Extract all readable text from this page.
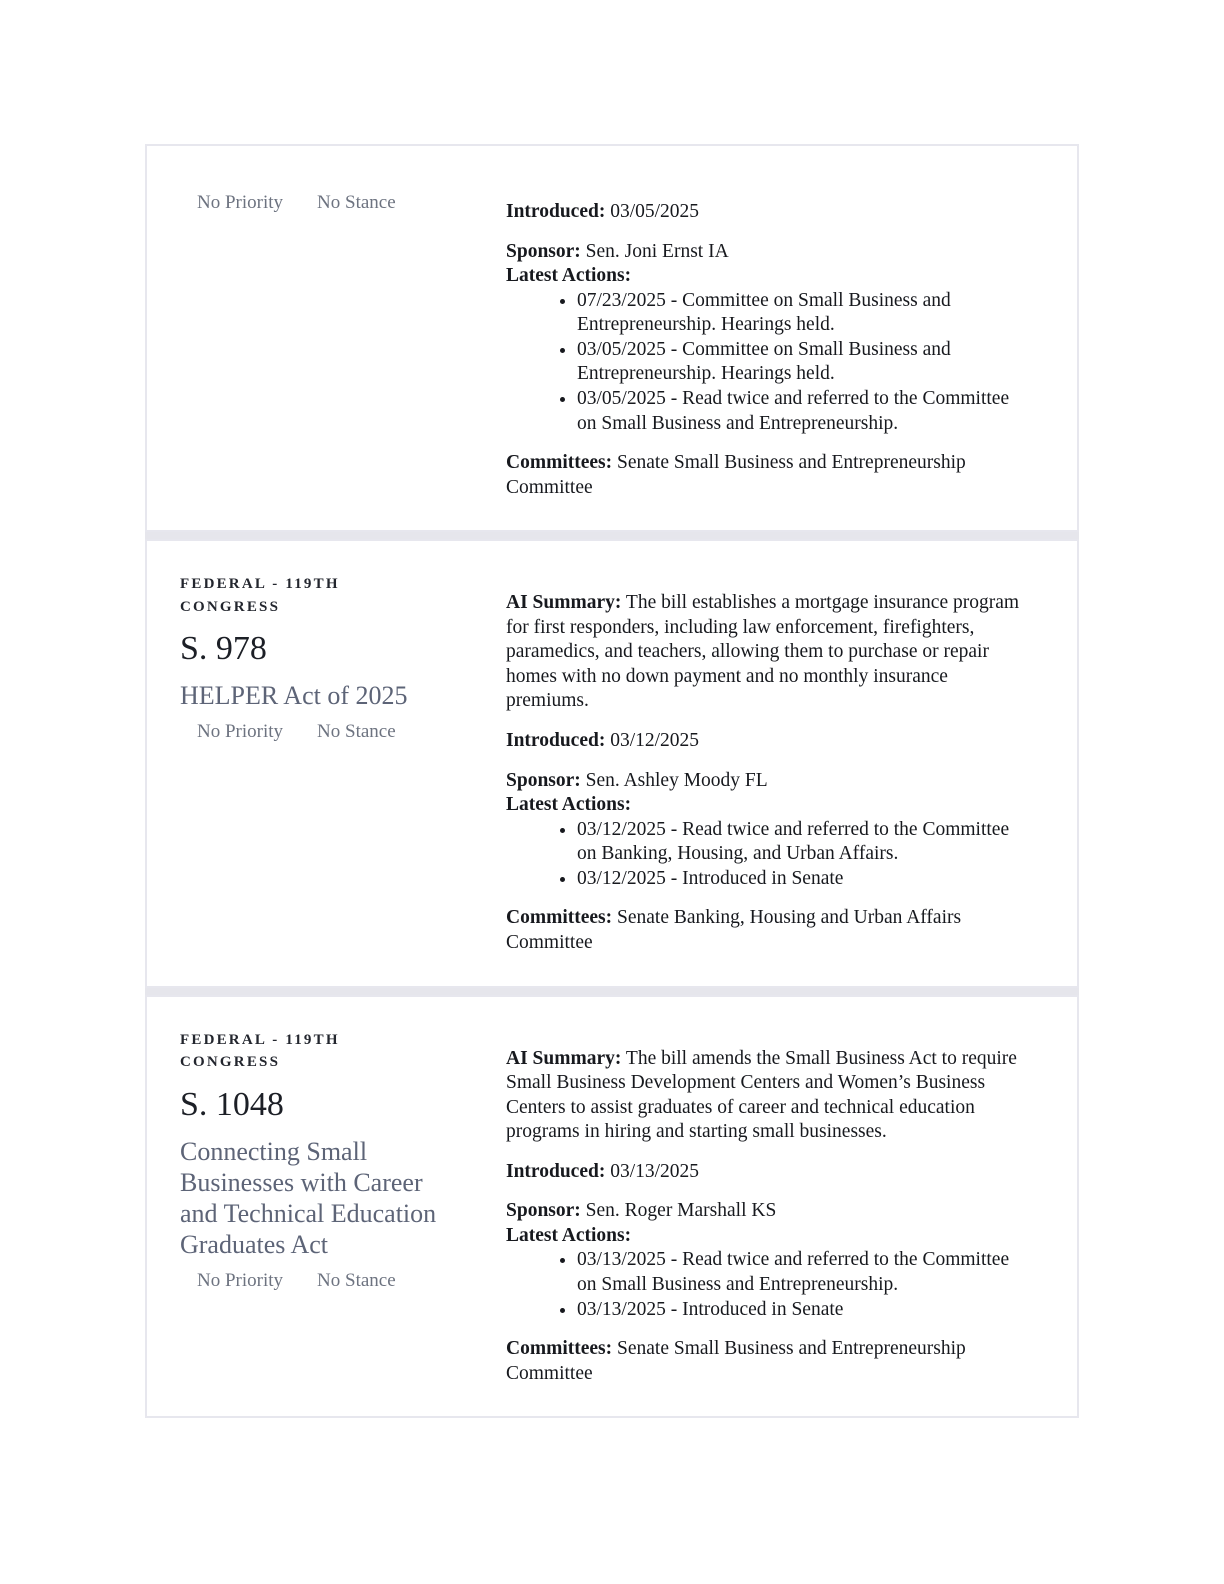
No Priority No Stance	Introduced: 03/05/2025

Sponsor: Sen. Joni Ernst IA
Latest Actions:
• 07/23/2025 - Committee on Small Business and Entrepreneurship. Hearings held.
• 03/05/2025 - Committee on Small Business and Entrepreneurship. Hearings held.
• 03/05/2025 - Read twice and referred to the Committee on Small Business and Entrepreneurship.

Committees: Senate Small Business and Entrepreneurship Committee

FEDERAL - 119TH CONGRESS
S. 978
HELPER Act of 2025
No Priority No Stance

AI Summary: The bill establishes a mortgage insurance program for first responders, including law enforcement, firefighters, paramedics, and teachers, allowing them to purchase or repair homes with no down payment and no monthly insurance premiums.

Introduced: 03/12/2025

Sponsor: Sen. Ashley Moody FL
Latest Actions:
• 03/12/2025 - Read twice and referred to the Committee on Banking, Housing, and Urban Affairs.
• 03/12/2025 - Introduced in Senate

Committees: Senate Banking, Housing and Urban Affairs Committee

FEDERAL - 119TH CONGRESS
S. 1048
Connecting Small Businesses with Career and Technical Education Graduates Act
No Priority No Stance

AI Summary: The bill amends the Small Business Act to require Small Business Development Centers and Women’s Business Centers to assist graduates of career and technical education programs in hiring and starting small businesses.

Introduced: 03/13/2025

Sponsor: Sen. Roger Marshall KS
Latest Actions:
• 03/13/2025 - Read twice and referred to the Committee on Small Business and Entrepreneurship.
• 03/13/2025 - Introduced in Senate

Committees: Senate Small Business and Entrepreneurship Committee
